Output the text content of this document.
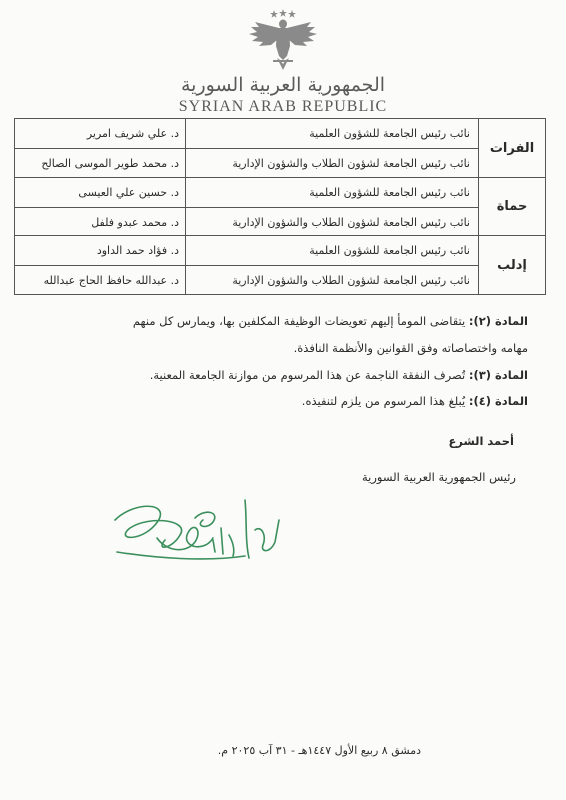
الجمهورية العربية السورية
SYRIAN ARAB REPUBLIC
الفرات
نائب رئيس الجامعة للشؤون العلمية
د. علي شريف امرير
نائب رئيس الجامعة لشؤون الطلاب والشؤون الإدارية
د. محمد طوير الموسى الصالح
حماة
نائب رئيس الجامعة للشؤون العلمية
د. حسين علي العيسى
نائب رئيس الجامعة لشؤون الطلاب والشؤون الإدارية
د. محمد عبدو فلفل
إدلب
نائب رئيس الجامعة للشؤون العلمية
د. فؤاد حمد الداود
نائب رئيس الجامعة لشؤون الطلاب والشؤون الإدارية
د. عبدالله حافظ الحاج عبدالله
المادة (٢): يتقاضى المومأ إليهم تعويضات الوظيفة المكلفين بها، ويمارس كل منهم
مهامه واختصاصاته وفق القوانين والأنظمة النافذة.
المادة (٣): تُصرف النفقة الناجمة عن هذا المرسوم من موازنة الجامعة المعنية.
المادة (٤): يُبلغ هذا المرسوم من يلزم لتنفيذه.
أحمد الشرع
رئيس الجمهورية العربية السورية
دمشق ٨ ربيع الأول ١٤٤٧هـ - ٣١ آب ٢٠٢٥ م.
